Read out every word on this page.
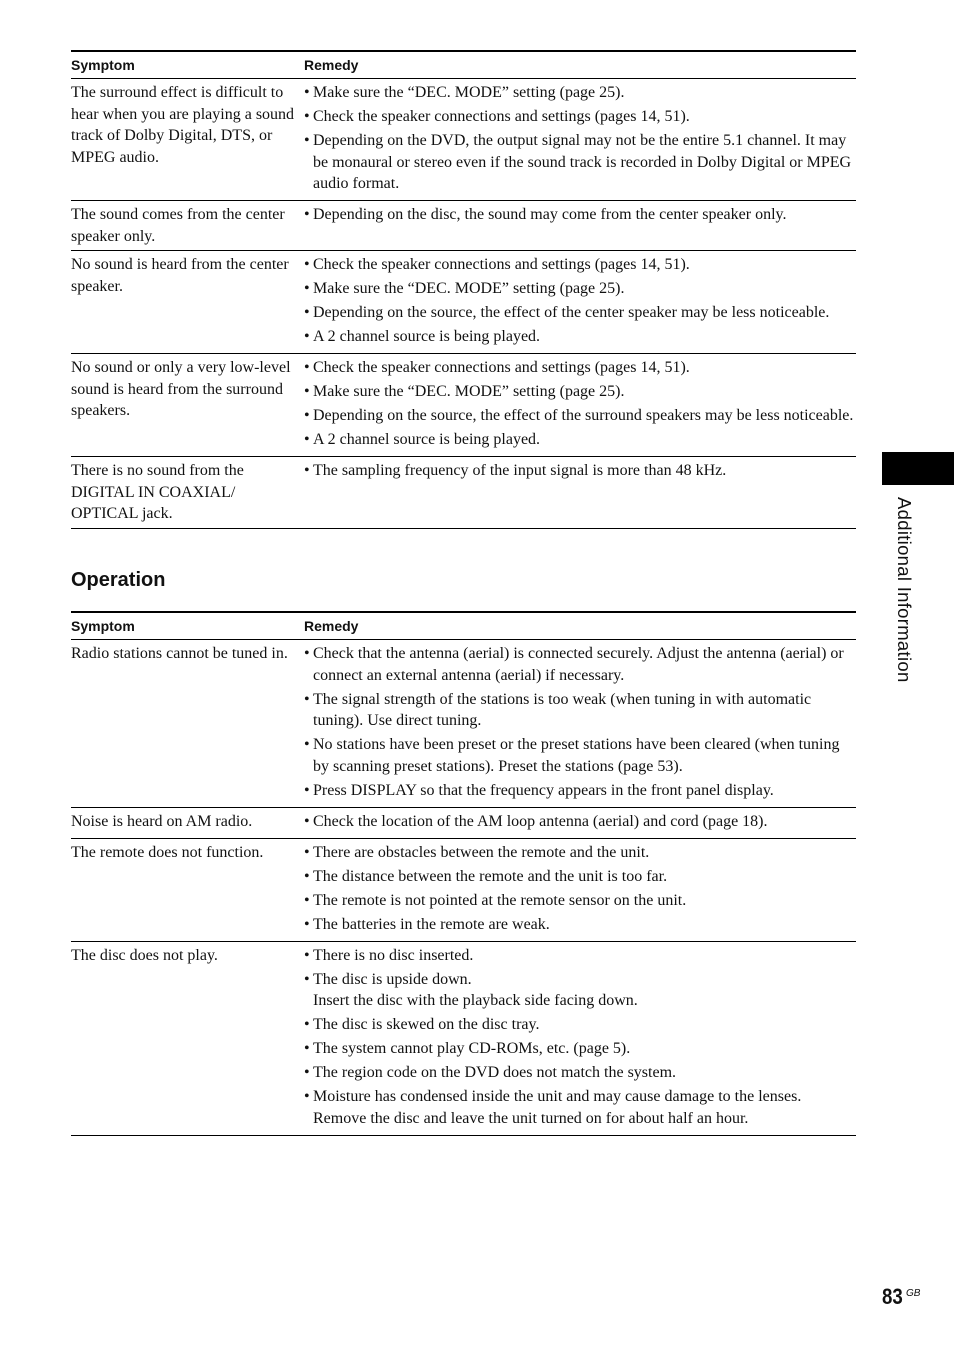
Symptom	Remedy
The surround effect is difficult to hear when you are playing a sound track of Dolby Digital, DTS, or MPEG audio.
• Make sure the “DEC. MODE” setting (page 25).
• Check the speaker connections and settings (pages 14, 51).
• Depending on the DVD, the output signal may not be the entire 5.1 channel. It may be monaural or stereo even if the sound track is recorded in Dolby Digital or MPEG audio format.
The sound comes from the center speaker only.
• Depending on the disc, the sound may come from the center speaker only.
No sound is heard from the center speaker.
• Check the speaker connections and settings (pages 14, 51).
• Make sure the “DEC. MODE” setting (page 25).
• Depending on the source, the effect of the center speaker may be less noticeable.
• A 2 channel source is being played.
No sound or only a very low-level sound is heard from the surround speakers.
• Check the speaker connections and settings (pages 14, 51).
• Make sure the “DEC. MODE” setting (page 25).
• Depending on the source, the effect of the surround speakers may be less noticeable.
• A 2 channel source is being played.
There is no sound from the DIGITAL IN COAXIAL/ OPTICAL jack.
• The sampling frequency of the input signal is more than 48 kHz.
Operation
Symptom	Remedy
Radio stations cannot be tuned in.	• Check that the antenna (aerial) is connected securely. Adjust the antenna (aerial) or connect an external antenna (aerial) if necessary.
• The signal strength of the stations is too weak (when tuning in with automatic tuning). Use direct tuning.
• No stations have been preset or the preset stations have been cleared (when tuning by scanning preset stations). Preset the stations (page 53).
• Press DISPLAY so that the frequency appears in the front panel display.
Noise is heard on AM radio.	• Check the location of the AM loop antenna (aerial) and cord (page 18).
The remote does not function.	• There are obstacles between the remote and the unit.
• The distance between the remote and the unit is too far.
• The remote is not pointed at the remote sensor on the unit.
• The batteries in the remote are weak.
The disc does not play.	• There is no disc inserted.
• The disc is upside down.
Insert the disc with the playback side facing down.
• The disc is skewed on the disc tray.
• The system cannot play CD-ROMs, etc. (page 5).
• The region code on the DVD does not match the system.
• Moisture has condensed inside the unit and may cause damage to the lenses. Remove the disc and leave the unit turned on for about half an hour.
Additional Information
83 GB
